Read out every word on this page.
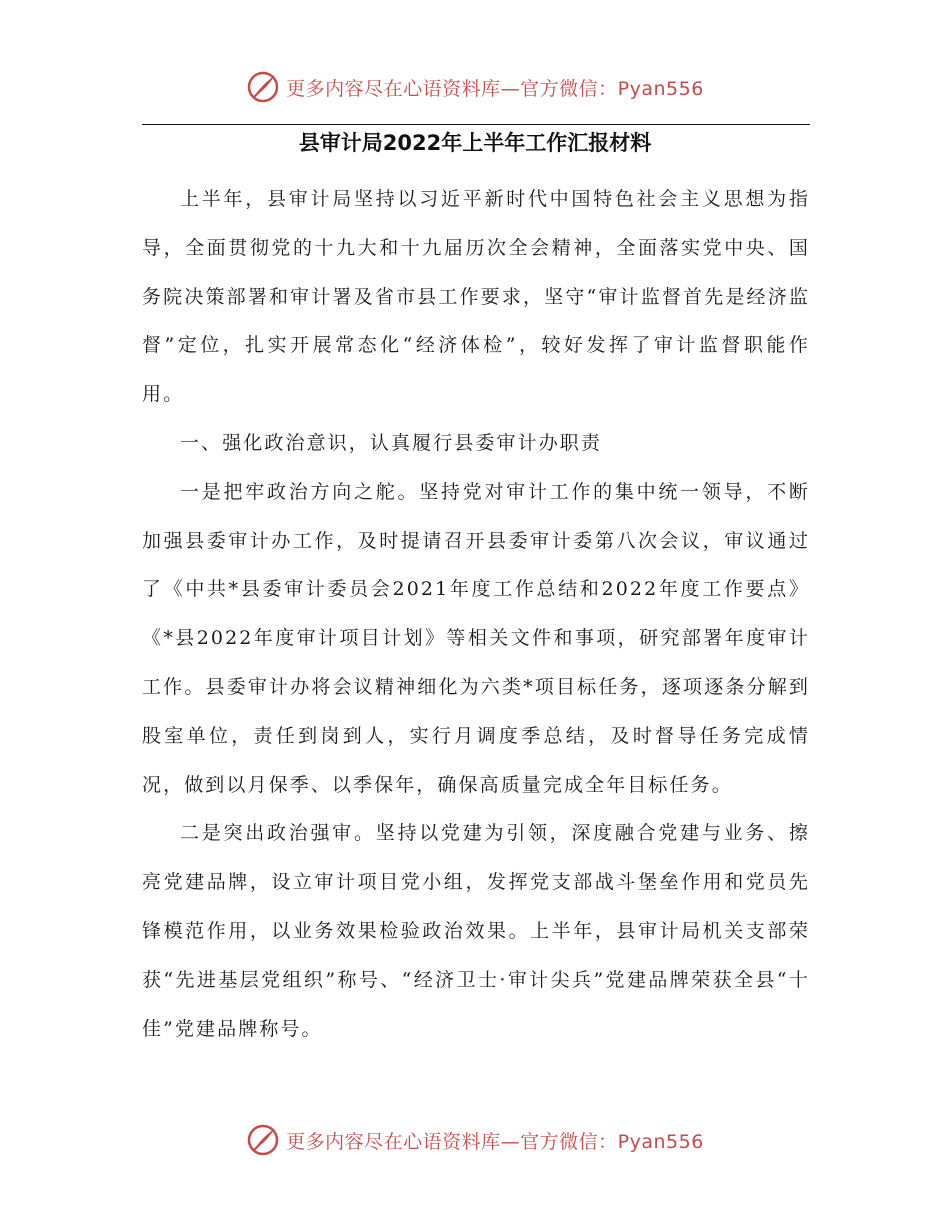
更多内容尽在心语资料库—官方微信：Pyan556
县审计局2022年上半年工作汇报材料

上半年，县审计局坚持以习近平新时代中国特色社会主义思想为指导，全面贯彻党的十九大和十九届历次全会精神，全面落实党中央、国务院决策部署和审计署及省市县工作要求，坚守“审计监督首先是经济监督”定位，扎实开展常态化“经济体检”，较好发挥了审计监督职能作用。

一、强化政治意识，认真履行县委审计办职责

一是把牢政治方向之舵。坚持党对审计工作的集中统一领导，不断加强县委审计办工作，及时提请召开县委审计委第八次会议，审议通过了《中共*县委审计委员会2021年度工作总结和2022年度工作要点》《*县2022年度审计项目计划》等相关文件和事项，研究部署年度审计工作。县委审计办将会议精神细化为六类*项目标任务，逐项逐条分解到股室单位，责任到岗到人，实行月调度季总结，及时督导任务完成情况，做到以月保季、以季保年，确保高质量完成全年目标任务。

二是突出政治强审。坚持以党建为引领，深度融合党建与业务、擦亮党建品牌，设立审计项目党小组，发挥党支部战斗堡垒作用和党员先锋模范作用，以业务效果检验政治效果。上半年，县审计局机关支部荣获“先进基层党组织”称号、“经济卫士·审计尖兵”党建品牌荣获全县“十佳”党建品牌称号。

更多内容尽在心语资料库—官方微信：Pyan556
